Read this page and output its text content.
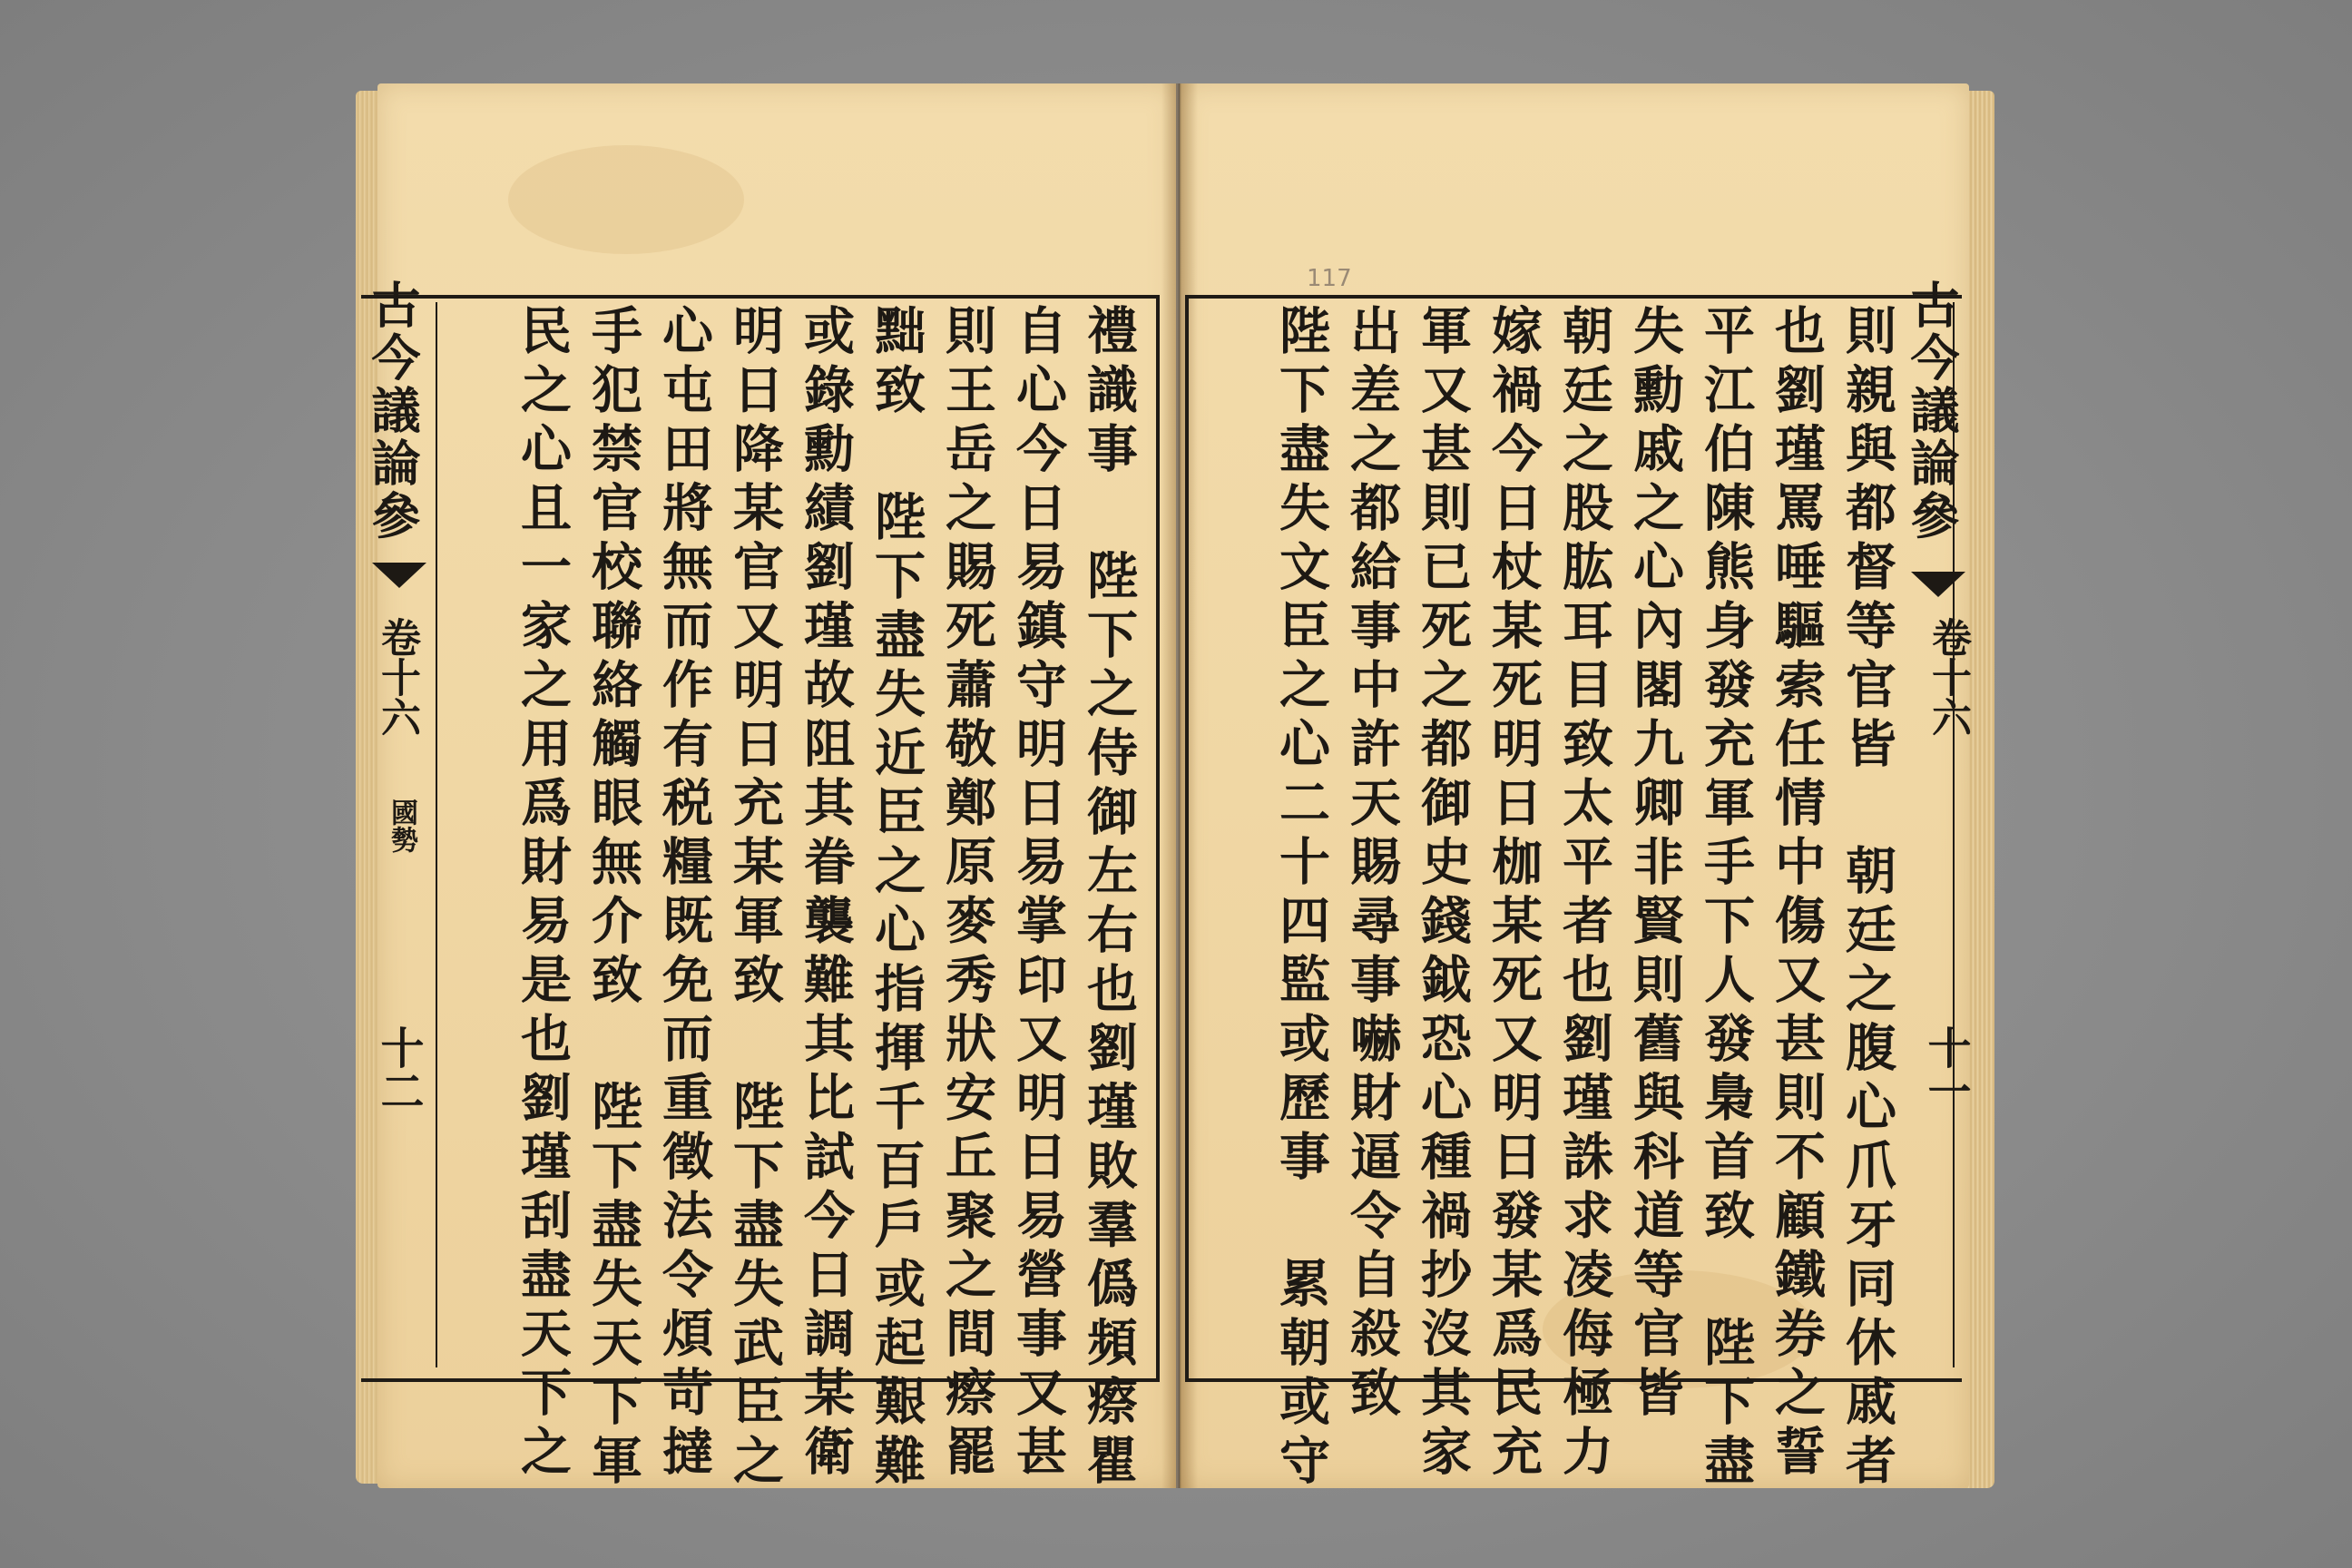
古今議論參
卷十六
國勢
十二
古今議論參
卷十六
十一
117
禮識事 陛下之侍御左右也劉瑾敗羣僞頻瘵瞿
自心今日易鎮守明日易掌印又明日易營事又甚
則王岳之賜死蕭敬鄭原麥秀狀安丘聚之間瘵罷
黜致 陛下盡失近臣之心指揮千百戶或起艱難
或錄勳績劉瑾故阻其眷襲難其比試今日調某衛
明日降某官又明日充某軍致 陛下盡失武臣之
心屯田將無而作有税糧既免而重徵法令煩苛撻
手犯禁官校聯絡觸眼無介致 陛下盡失天下軍
民之心且一家之用爲財易是也劉瑾刮盡天下之	則親與都督等官皆 朝廷之腹心爪牙同休戚者
也劉瑾罵唾驅索任情中傷又甚則不顧鐵券之誓
平江伯陳熊身發充軍手下人發梟首致 陛下盡
失勳戚之心內閣九卿非賢則舊與科道等官皆
朝廷之股肱耳目致太平者也劉瑾誅求凌侮極力
嫁禍今日杖某死明日枷某死又明日發某爲民充
軍又甚則已死之都御史錢鉞恐心種禍抄沒其家
出差之都給事中許天賜尋事嚇財逼令自殺致
陛下盡失文臣之心二十四監或歷事 累朝或守
